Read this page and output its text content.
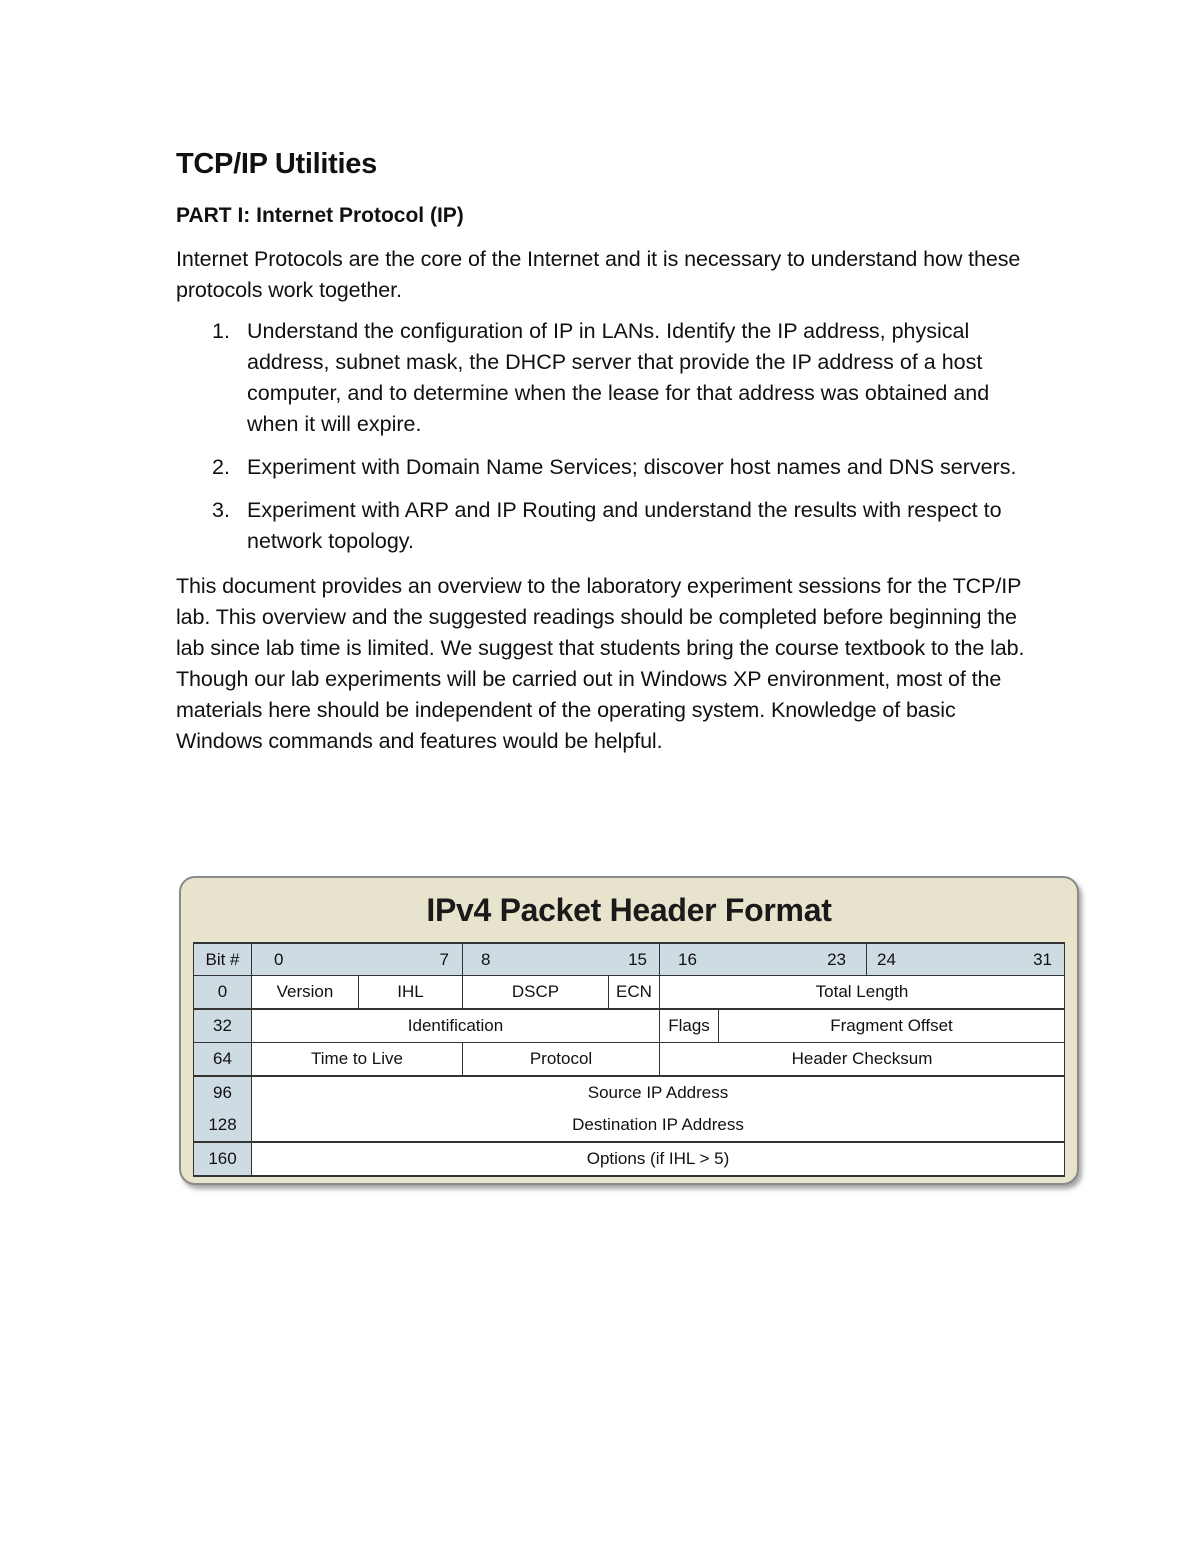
TCP/IP Utilities
PART I: Internet Protocol (IP)

Internet Protocols are the core of the Internet and it is necessary to understand how these protocols work together.

1. Understand the configuration of IP in LANs. Identify the IP address, physical address, subnet mask, the DHCP server that provide the IP address of a host computer, and to determine when the lease for that address was obtained and when it will expire.
2. Experiment with Domain Name Services; discover host names and DNS servers.
3. Experiment with ARP and IP Routing and understand the results with respect to network topology.

This document provides an overview to the laboratory experiment sessions for the TCP/IP lab. This overview and the suggested readings should be completed before beginning the lab since lab time is limited. We suggest that students bring the course textbook to the lab. Though our lab experiments will be carried out in Windows XP environment, most of the materials here should be independent of the operating system. Knowledge of basic Windows commands and features would be helpful.

IPv4 Packet Header Format
Bit #	0 7		8 15		16 23		24 31

0	Version	IHL	DSCP	ECN	Total Length		
32	Identification				Flags	Fragment Offset	
64	Time to Live		Protocol		Header Checksum		
96	Source IP Address						
128	Destination IP Address						
160	Options (if IHL > 5)						
